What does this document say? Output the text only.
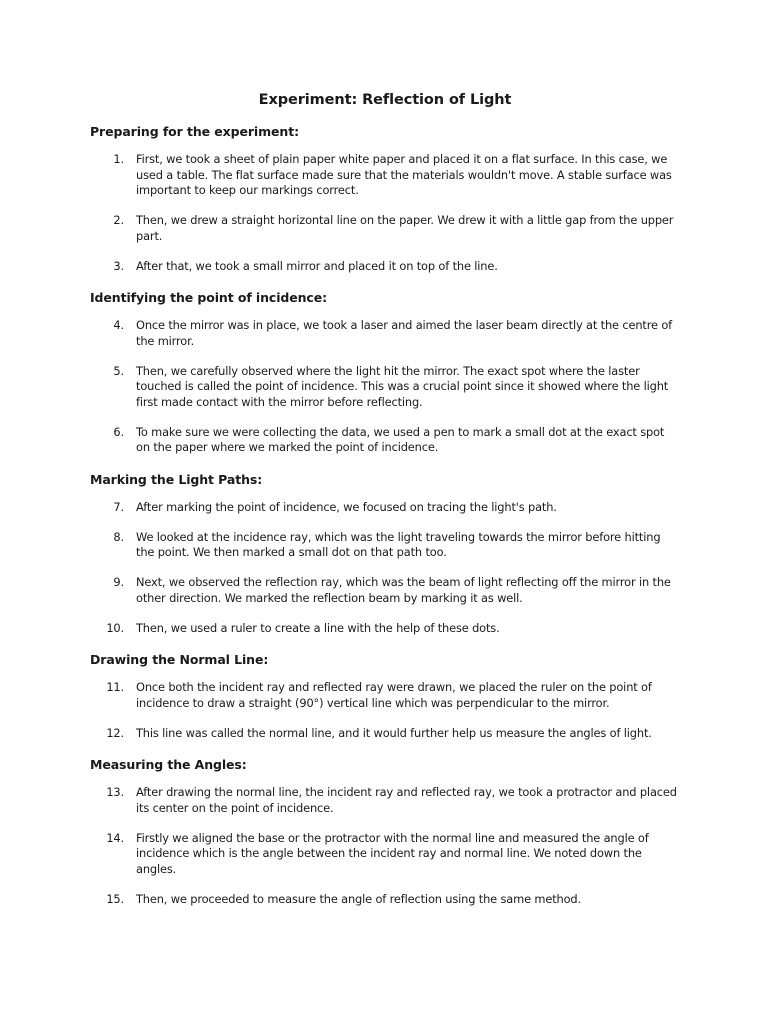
Experiment: Reflection of Light
Preparing for the experiment:
1. First, we took a sheet of plain paper white paper and placed it on a flat surface. In this case, we used a table. The flat surface made sure that the materials wouldn't move. A stable surface was important to keep our markings correct.
2. Then, we drew a straight horizontal line on the paper. We drew it with a little gap from the upper part.
3. After that, we took a small mirror and placed it on top of the line.
Identifying the point of incidence:
4. Once the mirror was in place, we took a laser and aimed the laser beam directly at the centre of the mirror.
5. Then, we carefully observed where the light hit the mirror. The exact spot where the laster touched is called the point of incidence. This was a crucial point since it showed where the light first made contact with the mirror before reflecting.
6. To make sure we were collecting the data, we used a pen to mark a small dot at the exact spot on the paper where we marked the point of incidence.
Marking the Light Paths:
7. After marking the point of incidence, we focused on tracing the light's path.
8. We looked at the incidence ray, which was the light traveling towards the mirror before hitting the point. We then marked a small dot on that path too.
9. Next, we observed the reflection ray, which was the beam of light reflecting off the mirror in the other direction. We marked the reflection beam by marking it as well.
10. Then, we used a ruler to create a line with the help of these dots.
Drawing the Normal Line:
11. Once both the incident ray and reflected ray were drawn, we placed the ruler on the point of incidence to draw a straight (90°) vertical line which was perpendicular to the mirror.
12. This line was called the normal line, and it would further help us measure the angles of light.
Measuring the Angles:
13. After drawing the normal line, the incident ray and reflected ray, we took a protractor and placed its center on the point of incidence.
14. Firstly we aligned the base or the protractor with the normal line and measured the angle of incidence which is the angle between the incident ray and normal line. We noted down the angles.
15. Then, we proceeded to measure the angle of reflection using the same method.
